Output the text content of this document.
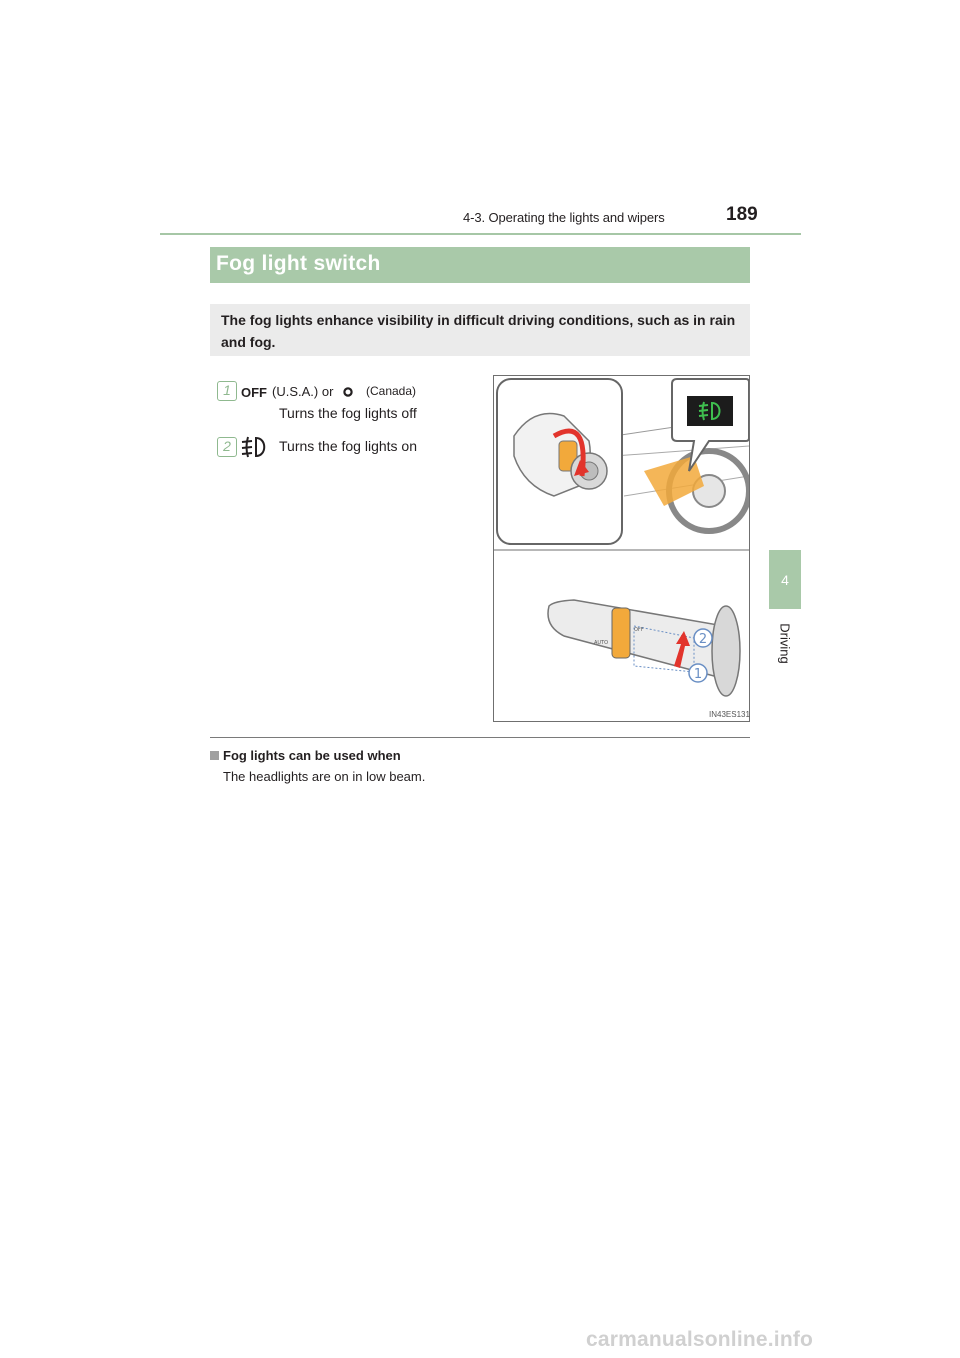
4-3. Operating the lights and wipers	189
4
Driving
Fog light switch

The fog lights enhance visibility in difficult driving conditions, such as in rain and fog.

1 OFF (U.S.A.) or	(Canada)
Turns the fog lights off
2	Turns the fog lights on
AUTO
OFF
2
1
IN43ES131
Fog lights can be used when
The headlights are on in low beam.
carmanualsonline.info
